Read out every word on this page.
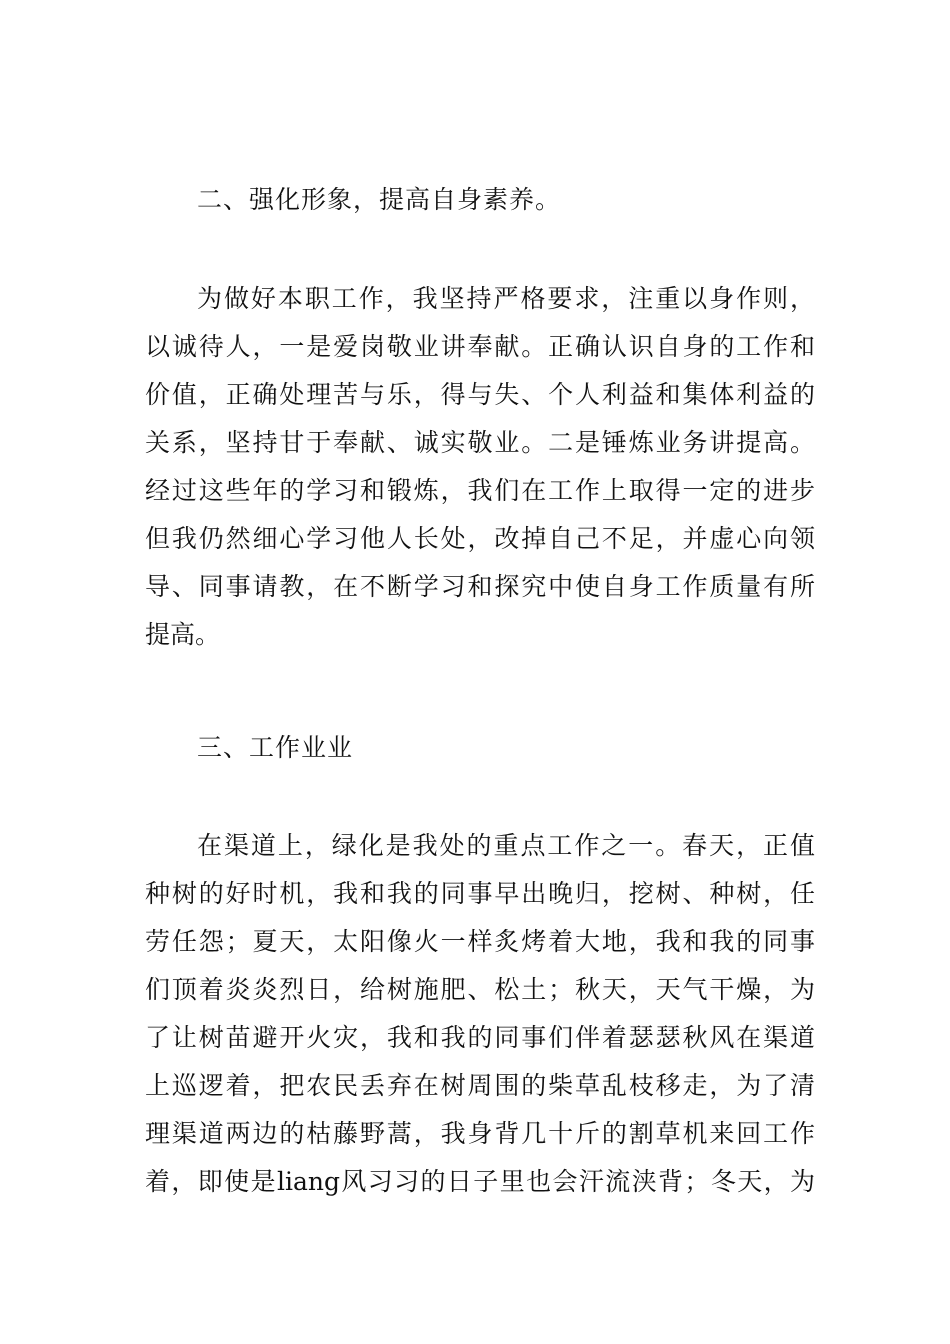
二、强化形象，提高自身素养。
为做好本职工作，我坚持严格要求，注重以身作则，
以诚待人，一是爱岗敬业讲奉献。正确认识自身的工作和
价值，正确处理苦与乐，得与失、个人利益和集体利益的
关系，坚持甘于奉献、诚实敬业。二是锤炼业务讲提高。
经过这些年的学习和锻炼，我们在工作上取得一定的进步
但我仍然细心学习他人长处，改掉自己不足，并虚心向领
导、同事请教，在不断学习和探究中使自身工作质量有所
提高。
三、工作业业
在渠道上，绿化是我处的重点工作之一。春天，正值
种树的好时机，我和我的同事早出晚归，挖树、种树，任
劳任怨；夏天，太阳像火一样炙烤着大地，我和我的同事
们顶着炎炎烈日，给树施肥、松土；秋天，天气干燥，为
了让树苗避开火灾，我和我的同事们伴着瑟瑟秋风在渠道
上巡逻着，把农民丢弃在树周围的柴草乱枝移走，为了清
理渠道两边的枯藤野蒿，我身背几十斤的割草机来回工作
着，即使是liang风习习的日子里也会汗流浃背；冬天，为
